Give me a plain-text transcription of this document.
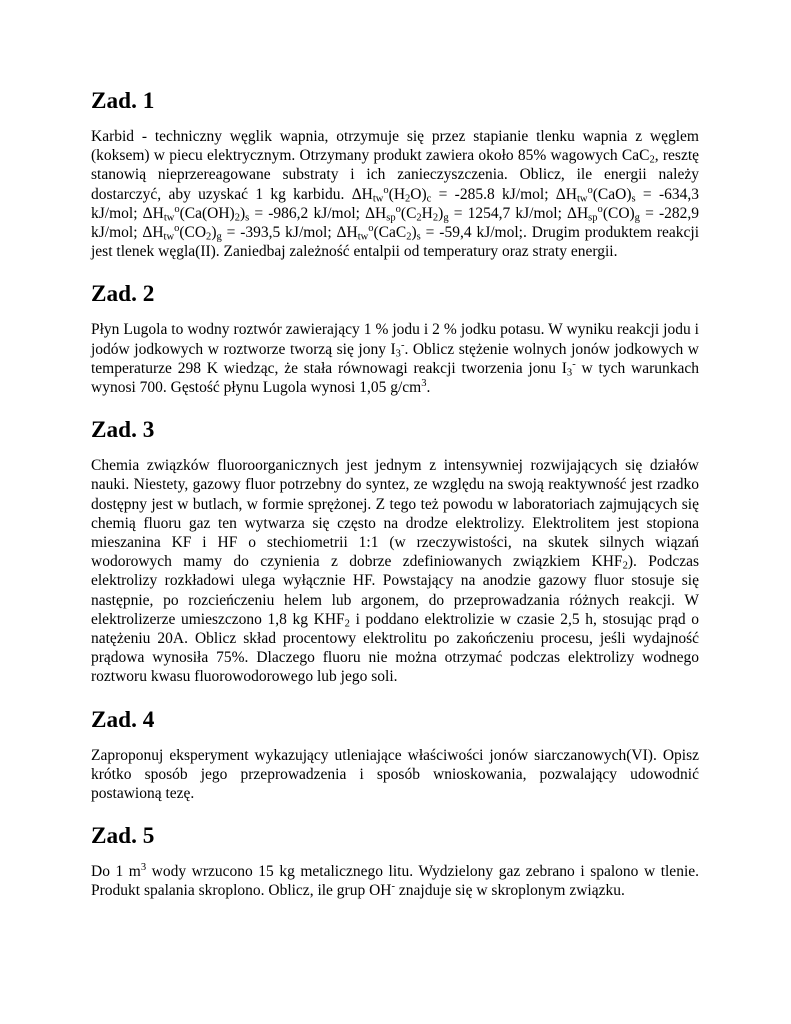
Zad. 1

Karbid - techniczny węglik wapnia, otrzymuje się przez stapianie tlenku wapnia z węglem (koksem) w piecu elektrycznym. Otrzymany produkt zawiera około 85% wagowych CaC$_2$, resztę stanowią nieprzereagowane substraty i ich zanieczyszczenia. Oblicz, ile energii należy dostarczyć, aby uzyskać 1 kg karbidu. $\Delta H_{tw}^o(H_2O)_c = -285.8$ kJ/mol; $\Delta H_{tw}^o(CaO)_s = -634,3$ kJ/mol; $\Delta H_{tw}^o(Ca(OH)_2)_s = -986,2$ kJ/mol; $\Delta H_{sp}^o(C_2H_2)_g = 1254,7$ kJ/mol; $\Delta H_{sp}^o(CO)_g = -282,9$ kJ/mol; $\Delta H_{tw}^o(CO_2)_g = -393,5$ kJ/mol; $\Delta H_{tw}^o(CaC_2)_s = -59,4$ kJ/mol;. Drugim produktem reakcji jest tlenek węgla(II). Zaniedbaj zależność entalpii od temperatury oraz straty energii.

Zad. 2

Płyn Lugola to wodny roztwór zawierający 1 % jodu i 2 % jodku potasu. W wyniku reakcji jodu i jodów jodkowych w roztworze tworzą się jony $I_3^-$. Oblicz stężenie wolnych jonów jodkowych w temperaturze 298 K wiedząc, że stała równowagi reakcji tworzenia jonu $I_3^-$ w tych warunkach wynosi 700. Gęstość płynu Lugola wynosi 1,05 $g/cm^3$.

Zad. 3

Chemia związków fluoroorganicznych jest jednym z intensywniej rozwijających się działów nauki. Niestety, gazowy fluor potrzebny do syntez, ze względu na swoją reaktywność jest rzadko dostępny jest w butlach, w formie sprężonej. Z tego też powodu w laboratoriach zajmujących się chemią fluoru gaz ten wytwarza się często na drodze elektrolizy. Elektrolitem jest stopiona mieszanina KF i HF o stechiometrii 1:1 (w rzeczywistości, na skutek silnych wiązań wodorowych mamy do czynienia z dobrze zdefiniowanych związkiem $KHF_2$). Podczas elektrolizy rozkładowi ulega wyłącznie HF. Powstający na anodzie gazowy fluor stosuje się następnie, po rozcieńczeniu helem lub argonem, do przeprowadzania różnych reakcji. W elektrolizerze umieszczono 1,8 kg $KHF_2$ i poddano elektrolizie w czasie 2,5 h, stosując prąd o natężeniu 20A. Oblicz skład procentowy elektrolitu po zakończeniu procesu, jeśli wydajność prądowa wynosiła 75%. Dlaczego fluoru nie można otrzymać podczas elektrolizy wodnego roztworu kwasu fluorowodorowego lub jego soli.

Zad. 4

Zaproponuj eksperyment wykazujący utleniające właściwości jonów siarczanowych(VI). Opisz krótko sposób jego przeprowadzenia i sposób wnioskowania, pozwalający udowodnić postawioną tezę.

Zad. 5

Do 1 $m^3$ wody wrzucono 15 kg metalicznego litu. Wydzielony gaz zebrano i spalono w tlenie. Produkt spalania skroplono. Oblicz, ile grup OH- znajduje się w skroplonym związku.
